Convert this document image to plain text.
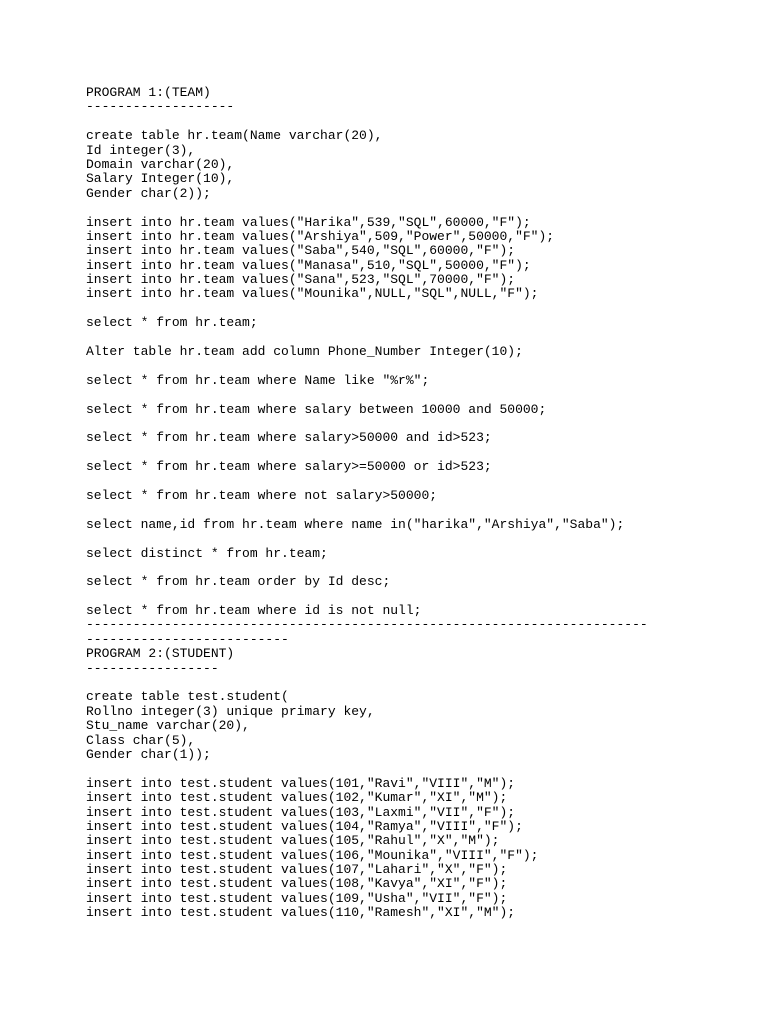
PROGRAM 1:(TEAM)
-------------------
create table hr.team(Name varchar(20),
Id integer(3),
Domain varchar(20),
Salary Integer(10),
Gender char(2));
insert into hr.team values("Harika",539,"SQL",60000,"F");
insert into hr.team values("Arshiya",509,"Power",50000,"F");
insert into hr.team values("Saba",540,"SQL",60000,"F");
insert into hr.team values("Manasa",510,"SQL",50000,"F");
insert into hr.team values("Sana",523,"SQL",70000,"F");
insert into hr.team values("Mounika",NULL,"SQL",NULL,"F");
select * from hr.team;
Alter table hr.team add column Phone_Number Integer(10);
select * from hr.team where Name like "%r%";
select * from hr.team where salary between 10000 and 50000;
select * from hr.team where salary>50000 and id>523;
select * from hr.team where salary>=50000 or id>523;
select * from hr.team where not salary>50000;
select name,id from hr.team where name in("harika","Arshiya","Saba");
select distinct * from hr.team;
select * from hr.team order by Id desc;
select * from hr.team where id is not null;
------------------------------------------------------------------------
--------------------------
PROGRAM 2:(STUDENT)
-----------------
create table test.student(
Rollno integer(3) unique primary key,
Stu_name varchar(20),
Class char(5),
Gender char(1));
insert into test.student values(101,"Ravi","VIII","M");
insert into test.student values(102,"Kumar","XI","M");
insert into test.student values(103,"Laxmi","VII","F");
insert into test.student values(104,"Ramya","VIII","F");
insert into test.student values(105,"Rahul","X","M");
insert into test.student values(106,"Mounika","VIII","F");
insert into test.student values(107,"Lahari","X","F");
insert into test.student values(108,"Kavya","XI","F");
insert into test.student values(109,"Usha","VII","F");
insert into test.student values(110,"Ramesh","XI","M");
